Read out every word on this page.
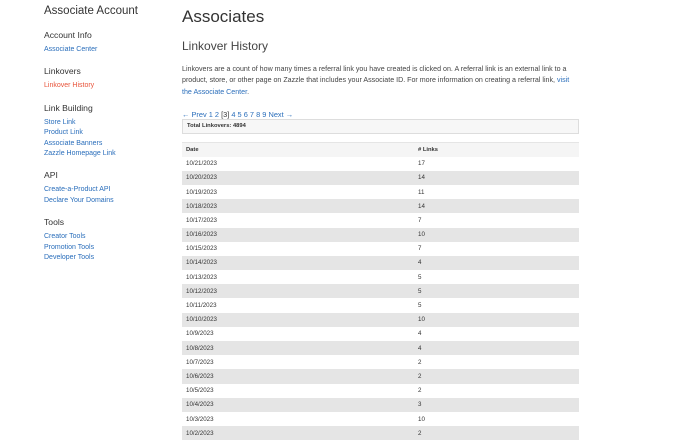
Associate Account
Account Info
Associate Center
Linkovers
Linkover History
Link Building
Store Link
Product Link
Associate Banners
Zazzle Homepage Link
API
Create-a-Product API
Declare Your Domains
Tools
Creator Tools
Promotion Tools
Developer Tools
Associates
Linkover History

Linkovers are a count of how many times a referral link you have created is clicked on. A referral link is an external link to a product, store, or other page on Zazzle that includes your Associate ID. For more information on creating a referral link, visit the Associate Center.

← Prev 1 2 [3] 4 5 6 7 8 9 Next →
Total Linkovers: 4894
Date	# Links
10/21/2023	17
10/20/2023	14
10/19/2023	11
10/18/2023	14
10/17/2023	7
10/16/2023	10
10/15/2023	7
10/14/2023	4
10/13/2023	5
10/12/2023	5
10/11/2023	5
10/10/2023	10
10/9/2023	4
10/8/2023	4
10/7/2023	2
10/6/2023	2
10/5/2023	2
10/4/2023	3
10/3/2023	10
10/2/2023	2
